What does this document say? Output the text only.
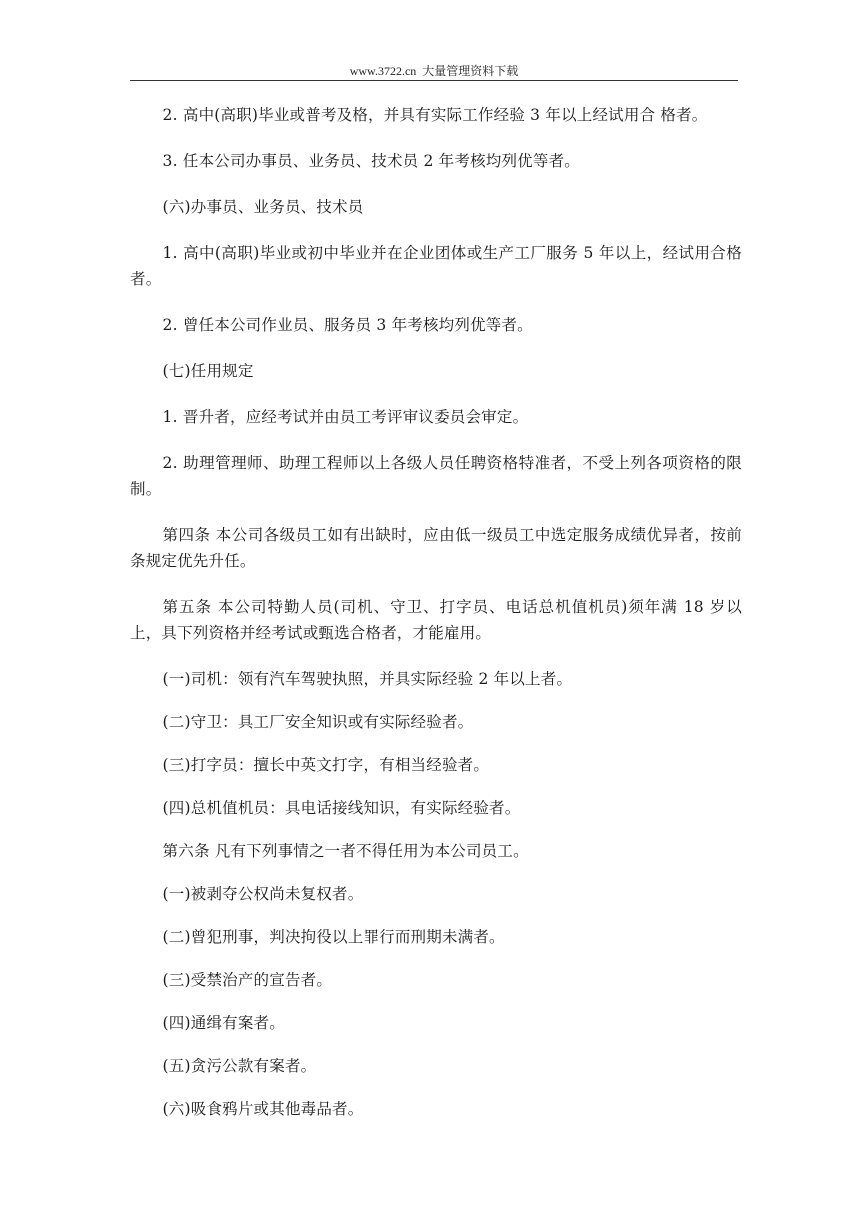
www.3722.cn 大量管理资料下载

2. 高中(高职)毕业或普考及格，并具有实际工作经验 3 年以上经试用合 格者。

3. 任本公司办事员、业务员、技术员 2 年考核均列优等者。

(六)办事员、业务员、技术员

1. 高中(高职)毕业或初中毕业并在企业团体或生产工厂服务 5 年以上，经试用合格者。

2. 曾任本公司作业员、服务员 3 年考核均列优等者。

(七)任用规定

1. 晋升者，应经考试并由员工考评审议委员会审定。

2. 助理管理师、助理工程师以上各级人员任聘资格特准者，不受上列各项资格的限制。

第四条 本公司各级员工如有出缺时，应由低一级员工中选定服务成绩优异者，按前条规定优先升任。

第五条 本公司特勤人员(司机、守卫、打字员、电话总机值机员)须年满 18 岁以上，具下列资格并经考试或甄选合格者，才能雇用。

(一)司机：领有汽车驾驶执照，并具实际经验 2 年以上者。

(二)守卫：具工厂安全知识或有实际经验者。

(三)打字员：擅长中英文打字，有相当经验者。

(四)总机值机员：具电话接线知识，有实际经验者。

第六条 凡有下列事情之一者不得任用为本公司员工。

(一)被剥夺公权尚未复权者。

(二)曾犯刑事，判决拘役以上罪行而刑期未满者。

(三)受禁治产的宣告者。

(四)通缉有案者。

(五)贪污公款有案者。

(六)吸食鸦片或其他毒品者。
